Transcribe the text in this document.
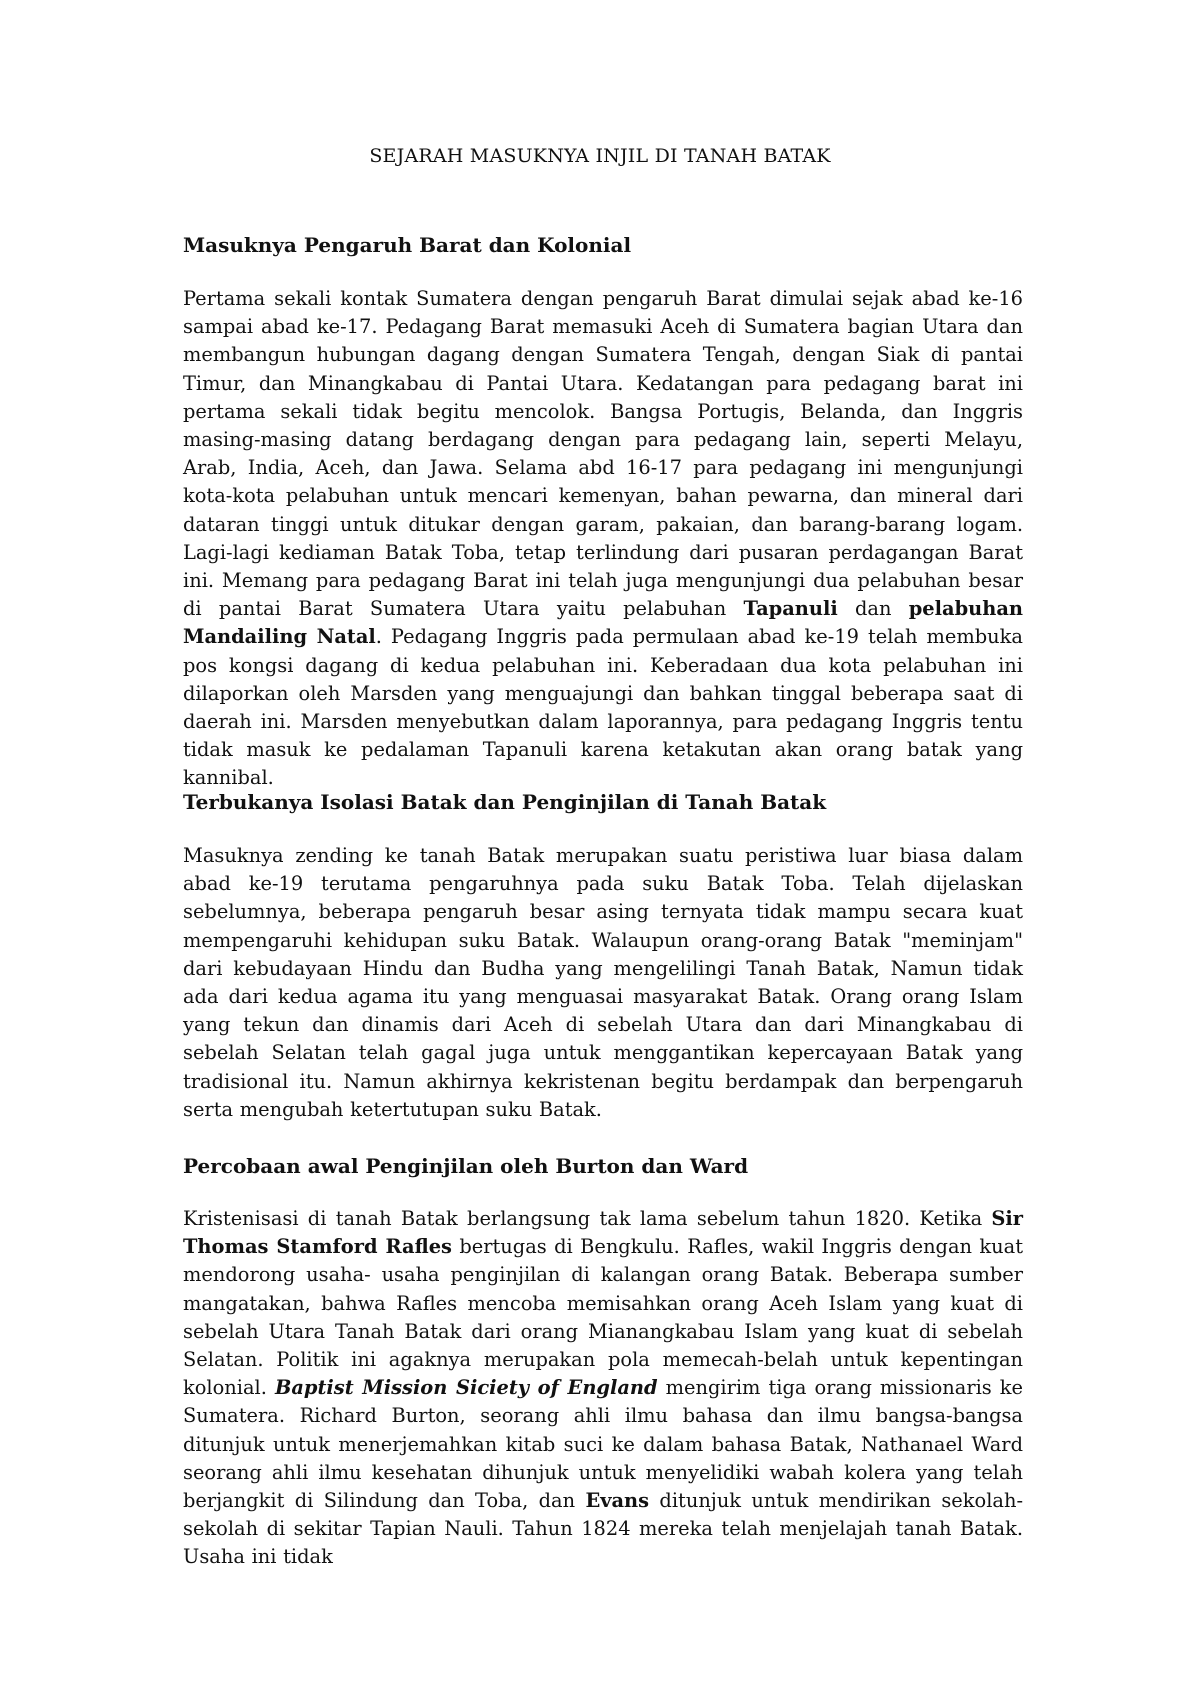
SEJARAH MASUKNYA INJIL DI TANAH BATAK
Masuknya Pengaruh Barat dan Kolonial
Pertama sekali kontak Sumatera dengan pengaruh Barat dimulai sejak abad ke-16 sampai abad ke-17. Pedagang Barat memasuki Aceh di Sumatera bagian Utara dan membangun hubungan dagang dengan Sumatera Tengah, dengan Siak di pantai Timur, dan Minangkabau di Pantai Utara. Kedatangan para pedagang barat ini pertama sekali tidak begitu mencolok. Bangsa Portugis, Belanda, dan Inggris masing-masing datang berdagang dengan para pedagang lain, seperti Melayu, Arab, India, Aceh, dan Jawa. Selama abd 16-17 para pedagang ini mengunjungi kota-kota pelabuhan untuk mencari kemenyan, bahan pewarna, dan mineral dari dataran tinggi untuk ditukar dengan garam, pakaian, dan barang-barang logam. Lagi-lagi kediaman Batak Toba, tetap terlindung dari pusaran perdagangan Barat ini. Memang para pedagang Barat ini telah juga mengunjungi dua pelabuhan besar di pantai Barat Sumatera Utara yaitu pelabuhan Tapanuli dan pelabuhan Mandailing Natal. Pedagang Inggris pada permulaan abad ke-19 telah membuka pos kongsi dagang di kedua pelabuhan ini. Keberadaan dua kota pelabuhan ini dilaporkan oleh Marsden yang menguajungi dan bahkan tinggal beberapa saat di daerah ini. Marsden menyebutkan dalam laporannya, para pedagang Inggris tentu tidak masuk ke pedalaman Tapanuli karena ketakutan akan orang batak yang kannibal.
Terbukanya Isolasi Batak dan Penginjilan di Tanah Batak
Masuknya zending ke tanah Batak merupakan suatu peristiwa luar biasa dalam abad ke-19 terutama pengaruhnya pada suku Batak Toba. Telah dijelaskan sebelumnya, beberapa pengaruh besar asing ternyata tidak mampu secara kuat mempengaruhi kehidupan suku Batak. Walaupun orang-orang Batak "meminjam" dari kebudayaan Hindu dan Budha yang mengelilingi Tanah Batak, Namun tidak ada dari kedua agama itu yang menguasai masyarakat Batak. Orang orang Islam yang tekun dan dinamis dari Aceh di sebelah Utara dan dari Minangkabau di sebelah Selatan telah gagal juga untuk menggantikan kepercayaan Batak yang tradisional itu. Namun akhirnya kekristenan begitu berdampak dan berpengaruh serta mengubah ketertutupan suku Batak.
Percobaan awal Penginjilan oleh Burton dan Ward
Kristenisasi di tanah Batak berlangsung tak lama sebelum tahun 1820. Ketika Sir Thomas Stamford Rafles bertugas di Bengkulu. Rafles, wakil Inggris dengan kuat mendorong usaha- usaha penginjilan di kalangan orang Batak. Beberapa sumber mangatakan, bahwa Rafles mencoba memisahkan orang Aceh Islam yang kuat di sebelah Utara Tanah Batak dari orang Mianangkabau Islam yang kuat di sebelah Selatan. Politik ini agaknya merupakan pola memecah-belah untuk kepentingan kolonial. Baptist Mission Siciety of England mengirim tiga orang missionaris ke Sumatera. Richard Burton, seorang ahli ilmu bahasa dan ilmu bangsa-bangsa ditunjuk untuk menerjemahkan kitab suci ke dalam bahasa Batak, Nathanael Ward seorang ahli ilmu kesehatan dihunjuk untuk menyelidiki wabah kolera yang telah berjangkit di Silindung dan Toba, dan Evans ditunjuk untuk mendirikan sekolah-sekolah di sekitar Tapian Nauli. Tahun 1824 mereka telah menjelajah tanah Batak. Usaha ini tidak
